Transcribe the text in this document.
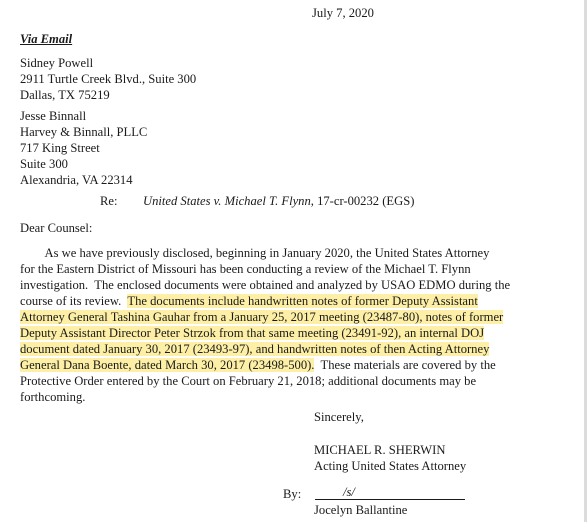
July 7, 2020
Via Email
Sidney Powell
2911 Turtle Creek Blvd., Suite 300
Dallas, TX 75219
Jesse Binnall
Harvey & Binnall, PLLC
717 King Street
Suite 300
Alexandria, VA 22314
Re: United States v. Michael T. Flynn, 17-cr-00232 (EGS)
Dear Counsel:
As we have previously disclosed, beginning in January 2020, the United States Attorney
for the Eastern District of Missouri has been conducting a review of the Michael T. Flynn
investigation.  The enclosed documents were obtained and analyzed by USAO EDMO during the
course of its review.  The documents include handwritten notes of former Deputy Assistant
Attorney General Tashina Gauhar from a January 25, 2017 meeting (23487-80), notes of former
Deputy Assistant Director Peter Strzok from that same meeting (23491-92), an internal DOJ
document dated January 30, 2017 (23493-97), and handwritten notes of then Acting Attorney
General Dana Boente, dated March 30, 2017 (23498-500).  These materials are covered by the
Protective Order entered by the Court on February 21, 2018; additional documents may be
forthcoming.
Sincerely,
MICHAEL R. SHERWIN
Acting United States Attorney
By:	/s/
Jocelyn Ballantine
